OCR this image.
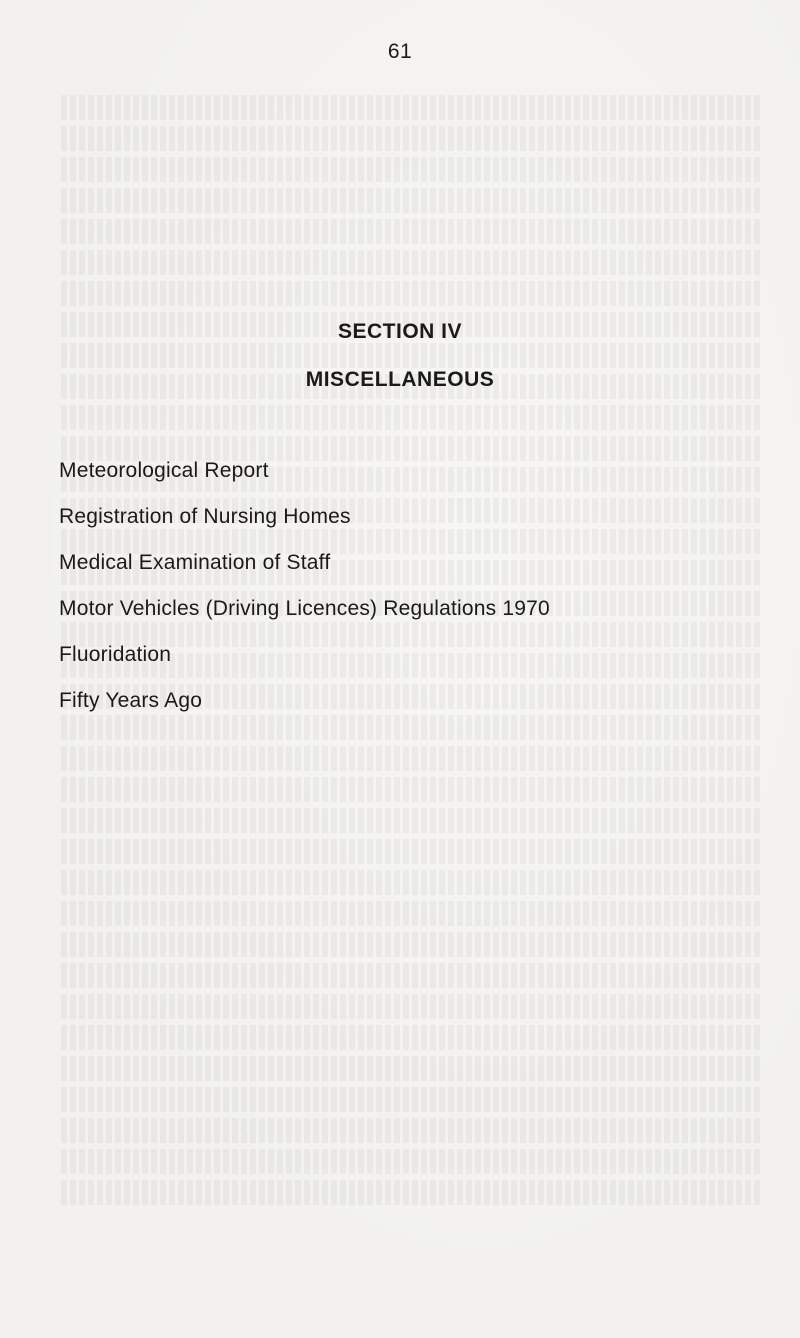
61
SECTION IV
MISCELLANEOUS
Meteorological Report
Registration of Nursing Homes
Medical Examination of Staff
Motor Vehicles (Driving Licences) Regulations 1970
Fluoridation
Fifty Years Ago
